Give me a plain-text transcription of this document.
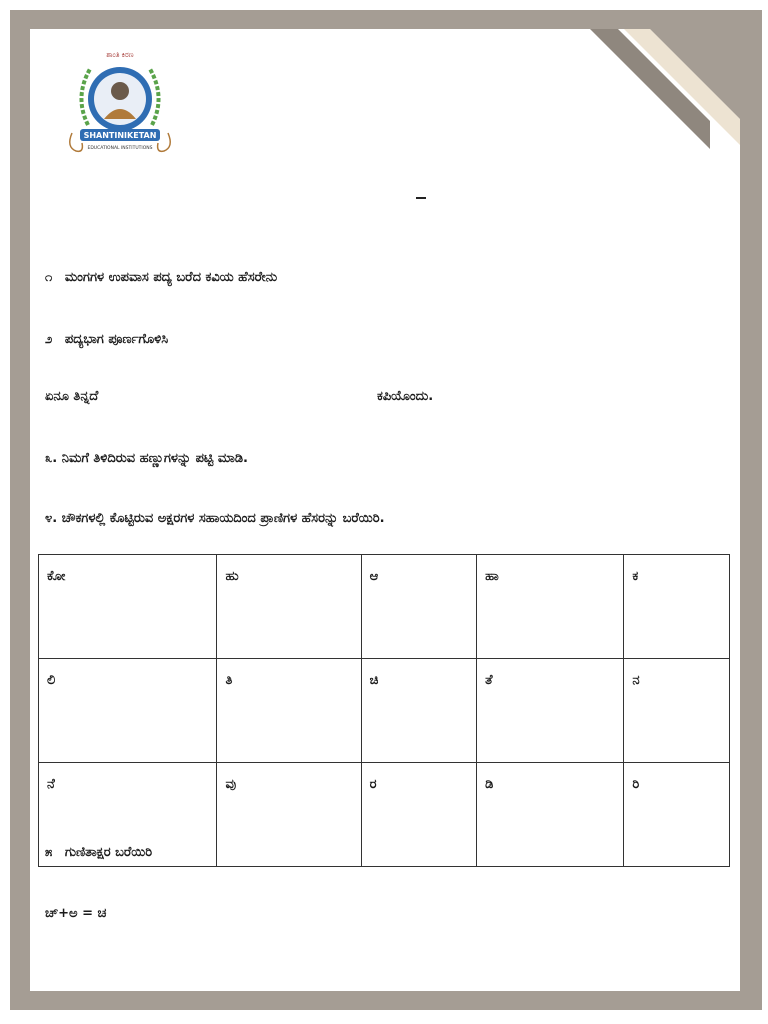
ಶಾಂತಿ ಕಿರಣ
SHANTINIKETAN
EDUCATIONAL INSTITUTIONS
೧ ಮಂಗಗಳ ಉಪವಾಸ ಪದ್ಯ ಬರೆದ ಕವಿಯ ಹೆಸರೇನು
೨ ಪದ್ಯಭಾಗ ಪೂರ್ಣಗೊಳಿಸಿ
ಏನೂ ತಿನ್ನದೆ	ಕಪಿಯೊಂದು.
೩. ನಿಮಗೆ ತಿಳಿದಿರುವ ಹಣ್ಣುಗಳನ್ನು ಪಟ್ಟಿ ಮಾಡಿ.
೪. ಚೌಕಗಳಲ್ಲಿ ಕೊಟ್ಟಿರುವ ಅಕ್ಷರಗಳ ಸಹಾಯದಿಂದ ಪ್ರಾಣಿಗಳ ಹೆಸರನ್ನು ಬರೆಯಿರಿ.
ಕೋ	ಹು	ಆ	ಹಾ	ಕ
ಲಿ	ತಿ	ಚಿ	ತೆ	ನ
ನೆ	ವು	ರ	ಡಿ	ರಿ
೫ ಗುಣಿತಾಕ್ಷರ ಬರೆಯಿರಿ
ಚ್+ಅ = ಚ
